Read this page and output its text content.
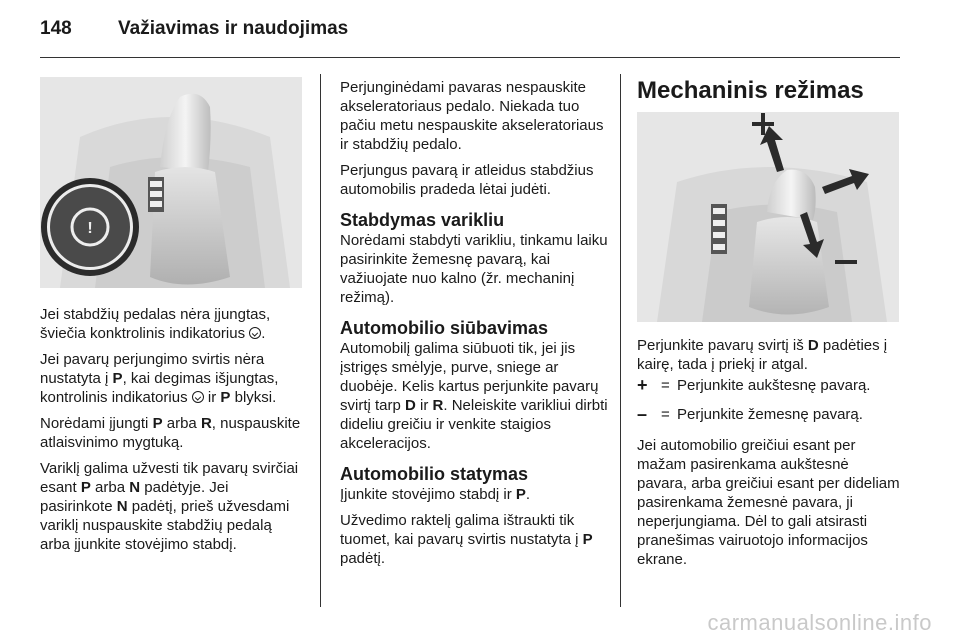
148 Važiavimas ir naudojimas
!

Jei stabdžių pedalas nėra įjungtas, šviečia konktrolinis indikatorius .

Jei pavarų perjungimo svirtis nėra nustatyta į P, kai degimas išjungtas, kontrolinis indikatorius  ir P blyksi.

Norėdami įjungti P arba R, nuspauskite atlaisvinimo mygtuką.

Variklį galima užvesti tik pavarų svirčiai esant P arba N padėtyje. Jei pasirinkote N padėtį, prieš užvesdami variklį nuspauskite stabdžių pedalą arba įjunkite stovėjimo stabdį.

Perjunginėdami pavaras nespauskite akseleratoriaus pedalo. Niekada tuo pačiu metu nespauskite akseleratoriaus ir stabdžių pedalo.

Perjungus pavarą ir atleidus stabdžius automobilis pradeda lėtai judėti.

Stabdymas varikliu

Norėdami stabdyti varikliu, tinkamu laiku pasirinkite žemesnę pavarą, kai važiuojate nuo kalno (žr. mechaninį režimą).

Automobilio siūbavimas

Automobilį galima siūbuoti tik, jei jis įstrigęs smėlyje, purve, sniege ar duobėje. Kelis kartus perjunkite pavarų svirtį tarp D ir R. Neleiskite varikliui dirbti dideliu greičiu ir venkite staigios akceleracijos.

Automobilio statymas

Įjunkite stovėjimo stabdį ir P.

Užvedimo raktelį galima ištraukti tik tuomet, kai pavarų svirtis nustatyta į P padėtį.

Mechaninis režimas

Perjunkite pavarų svirtį iš D padėties į kairę, tada į priekį ir atgal.

+ = Perjunkite aukštesnę pavarą.
– = Perjunkite žemesnę pavarą.

Jei automobilio greičiui esant per mažam pasirenkama aukštesnė pavara, arba greičiui esant per dideliam pasirenkama žemesnė pavara, ji neperjungiama. Dėl to gali atsirasti pranešimas vairuotojo informacijos ekrane.

carmanualsonline.info
